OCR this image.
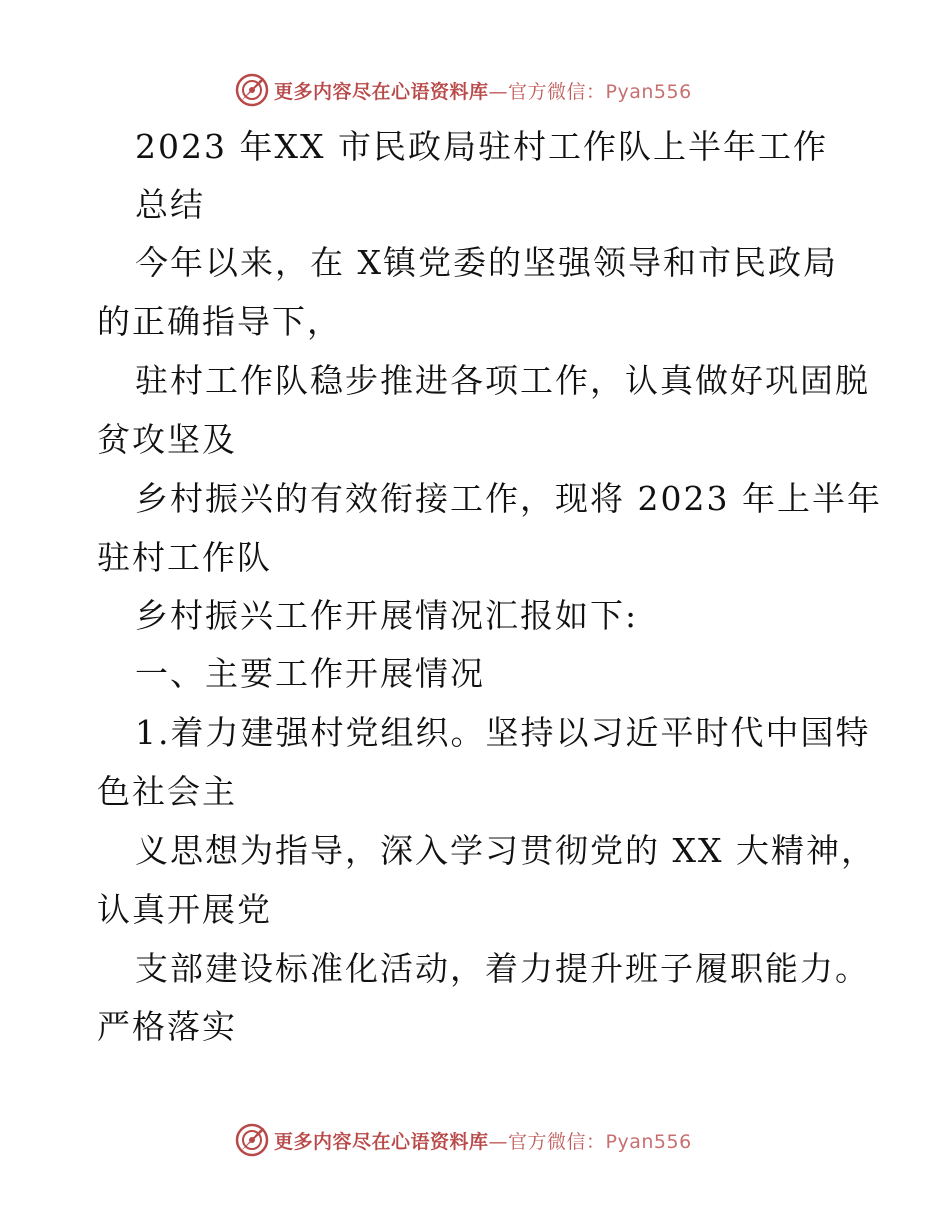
更多内容尽在心语资料库—官方微信：Pyan556
2023 年XX 市民政局驻村工作队上半年工作
总结
今年以来，在 X镇党委的坚强领导和市民政局
的正确指导下，
驻村工作队稳步推进各项工作，认真做好巩固脱
贫攻坚及
乡村振兴的有效衔接工作，现将 2023 年上半年
驻村工作队
乡村振兴工作开展情况汇报如下:
一、主要工作开展情况
1.着力建强村党组织。坚持以习近平时代中国特
色社会主
义思想为指导，深入学习贯彻党的 XX 大精神，
认真开展党
支部建设标准化活动，着力提升班子履职能力。
严格落实
更多内容尽在心语资料库—官方微信：Pyan556
